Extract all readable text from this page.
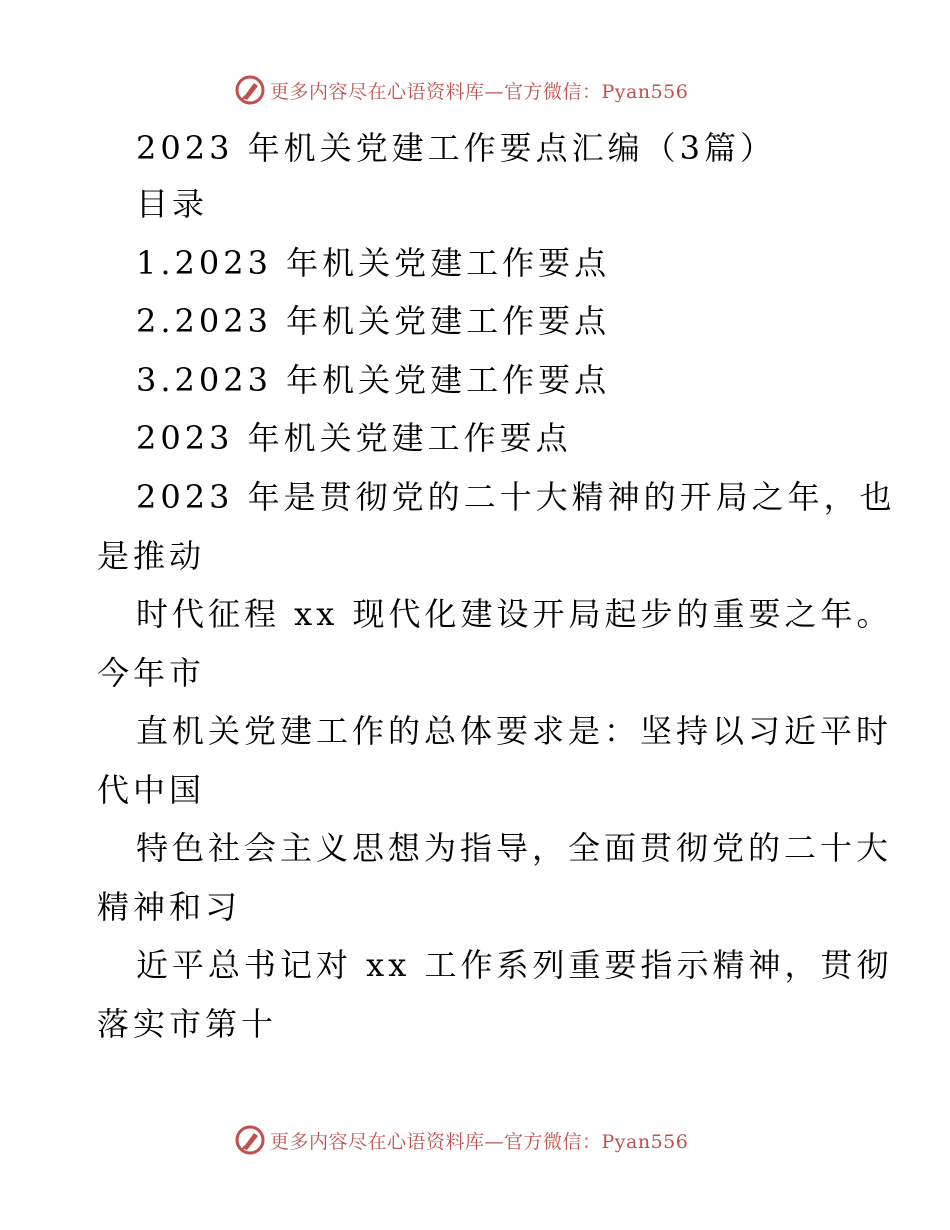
更多内容尽在心语资料库—官方微信：Pyan556
2023 年机关党建工作要点汇编（3篇）
目录
1.2023 年机关党建工作要点
2.2023 年机关党建工作要点
3.2023 年机关党建工作要点
2023 年机关党建工作要点
2023 年是贯彻党的二十大精神的开局之年，也
是推动
时代征程 xx 现代化建设开局起步的重要之年。
今年市
直机关党建工作的总体要求是：坚持以习近平时
代中国
特色社会主义思想为指导，全面贯彻党的二十大
精神和习
近平总书记对 xx 工作系列重要指示精神，贯彻
落实市第十
更多内容尽在心语资料库—官方微信：Pyan556
